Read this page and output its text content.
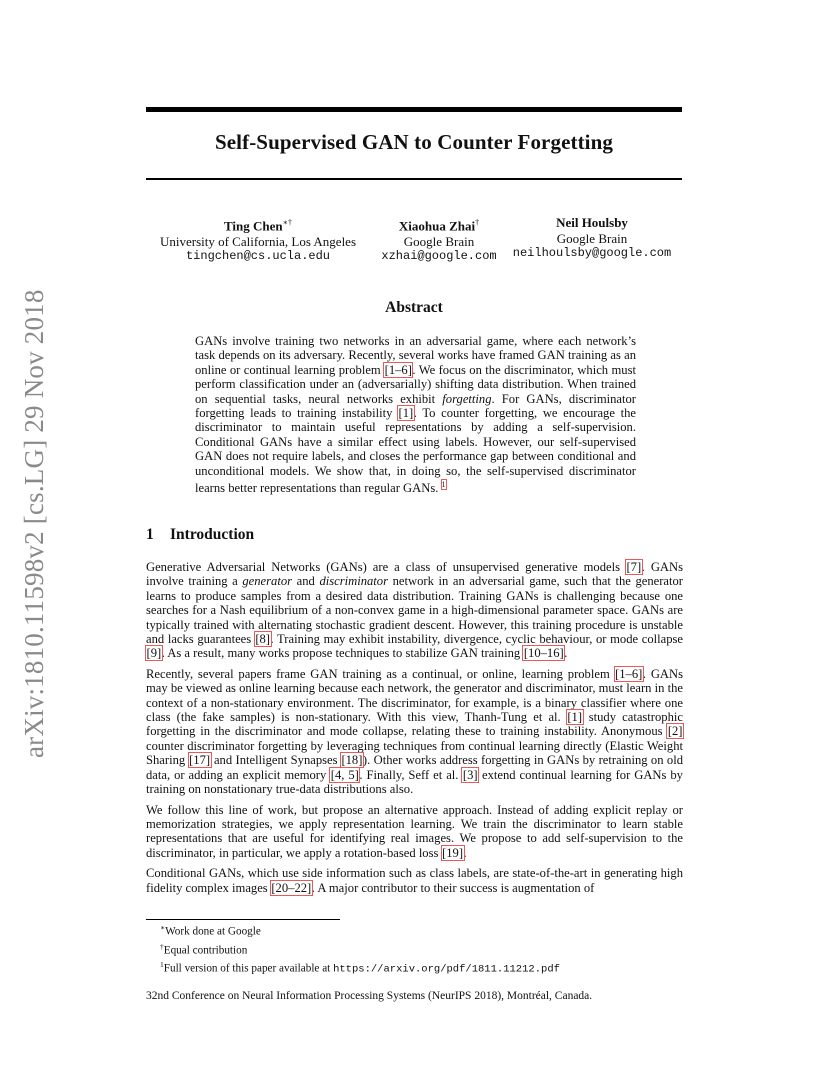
arXiv:1810.11598v2 [cs.LG] 29 Nov 2018
Self-Supervised GAN to Counter Forgetting
Ting Chen∗†
University of California, Los Angeles
tingchen@cs.ucla.edu
Xiaohua Zhai†
Google Brain
xzhai@google.com
Neil Houlsby
Google Brain
neilhoulsby@google.com
Abstract
GANs involve training two networks in an adversarial game, where each network’s task depends on its adversary. Recently, several works have framed GAN training as an online or continual learning problem [1–6]. We focus on the discriminator, which must perform classification under an (adversarially) shifting data distribution. When trained on sequential tasks, neural networks exhibit forgetting. For GANs, discriminator forgetting leads to training instability [1]. To counter forgetting, we encourage the discriminator to maintain useful representations by adding a self-supervision. Conditional GANs have a similar effect using labels. However, our self-supervised GAN does not require labels, and closes the performance gap between conditional and unconditional models. We show that, in doing so, the self-supervised discriminator learns better representations than regular GANs. $^1$
1 Introduction

Generative Adversarial Networks (GANs) are a class of unsupervised generative models [7]. GANs involve training a generator and discriminator network in an adversarial game, such that the generator learns to produce samples from a desired data distribution. Training GANs is challenging because one searches for a Nash equilibrium of a non-convex game in a high-dimensional parameter space. GANs are typically trained with alternating stochastic gradient descent. However, this training procedure is unstable and lacks guarantees [8]. Training may exhibit instability, divergence, cyclic behaviour, or mode collapse [9]. As a result, many works propose techniques to stabilize GAN training [10–16].

Recently, several papers frame GAN training as a continual, or online, learning problem [1–6]. GANs may be viewed as online learning because each network, the generator and discriminator, must learn in the context of a non-stationary environment. The discriminator, for example, is a binary classifier where one class (the fake samples) is non-stationary. With this view, Thanh-Tung et al. [1] study catastrophic forgetting in the discriminator and mode collapse, relating these to training instability. Anonymous [2] counter discriminator forgetting by leveraging techniques from continual learning directly (Elastic Weight Sharing [17] and Intelligent Synapses [18]). Other works address forgetting in GANs by retraining on old data, or adding an explicit memory [4, 5]. Finally, Seff et al. [3] extend continual learning for GANs by training on nonstationary true-data distributions also.

We follow this line of work, but propose an alternative approach. Instead of adding explicit replay or memorization strategies, we apply representation learning. We train the discriminator to learn stable representations that are useful for identifying real images. We propose to add self-supervision to the discriminator, in particular, we apply a rotation-based loss [19].

Conditional GANs, which use side information such as class labels, are state-of-the-art in generating high fidelity complex images [20–22]. A major contributor to their success is augmentation of

∗Work done at Google
†Equal contribution
$^1$Full version of this paper available at https://arxiv.org/pdf/1811.11212.pdf
32nd Conference on Neural Information Processing Systems (NeurIPS 2018), Montréal, Canada.
